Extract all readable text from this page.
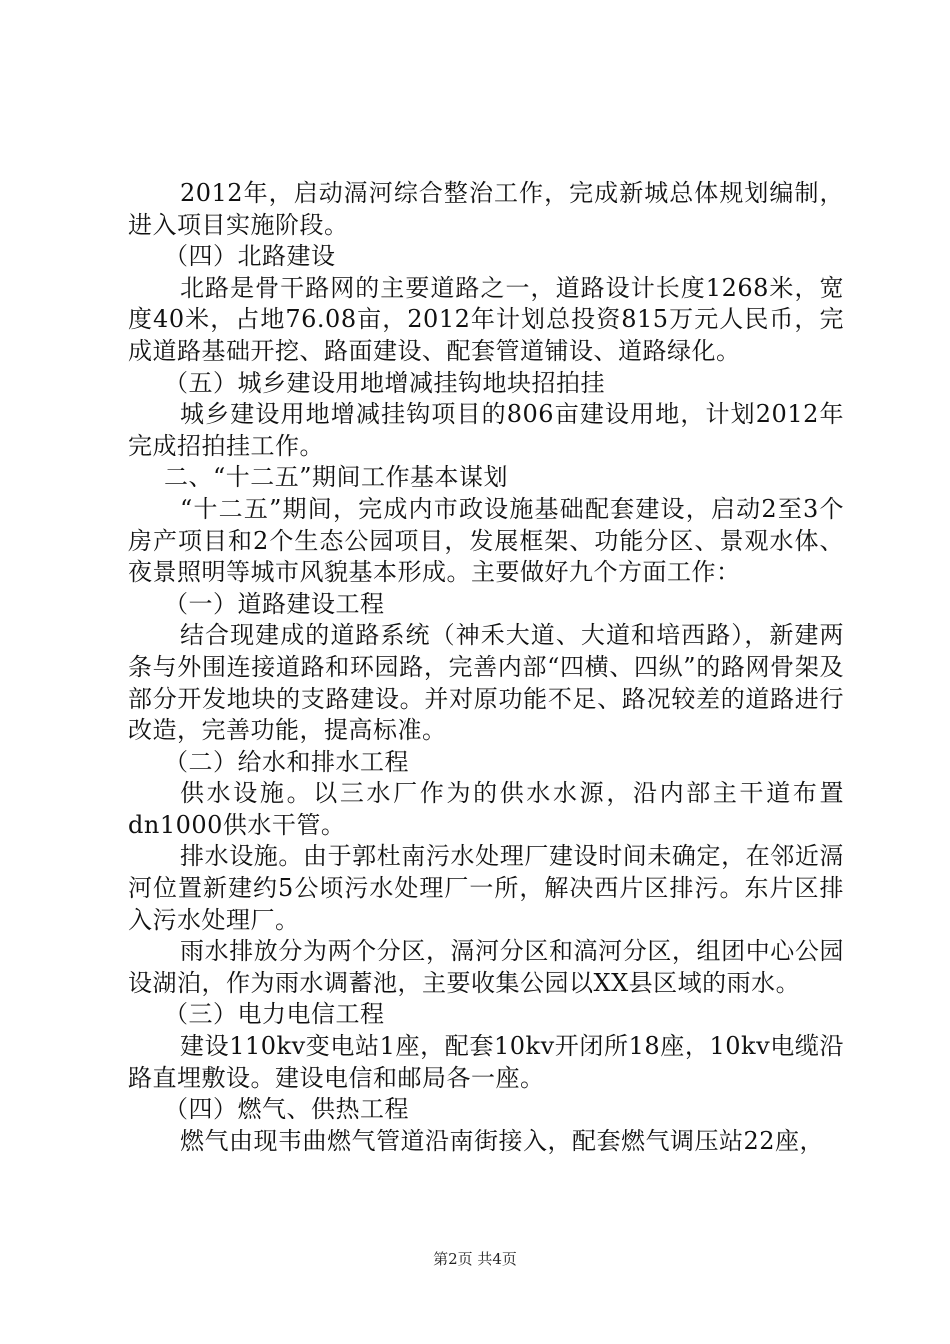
2012年，启动滆河综合整治工作，完成新城总体规划编制，进入项目实施阶段。

（四）北路建设

北路是骨干路网的主要道路之一，道路设计长度1268米，宽度40米，占地76.08亩，2012年计划总投资815万元人民币，完成道路基础开挖、路面建设、配套管道铺设、道路绿化。

（五）城乡建设用地增减挂钩地块招拍挂

城乡建设用地增减挂钩项目的806亩建设用地，计划2012年完成招拍挂工作。

二、“十二五”期间工作基本谋划

“十二五”期间，完成内市政设施基础配套建设，启动2至3个房产项目和2个生态公园项目，发展框架、功能分区、景观水体、夜景照明等城市风貌基本形成。主要做好九个方面工作：

（一）道路建设工程

结合现建成的道路系统（神禾大道、大道和培西路），新建两条与外围连接道路和环园路，完善内部“四横、四纵”的路网骨架及部分开发地块的支路建设。并对原功能不足、路况较差的道路进行改造，完善功能，提高标准。

（二）给水和排水工程

供水设施。以三水厂作为的供水水源，沿内部主干道布置dn1000供水干管。

排水设施。由于郭杜南污水处理厂建设时间未确定，在邻近滆河位置新建约5公顷污水处理厂一所，解决西片区排污。东片区排入污水处理厂。

雨水排放分为两个分区，滆河分区和滈河分区，组团中心公园设湖泊，作为雨水调蓄池，主要收集公园以XX县区域的雨水。

（三）电力电信工程

建设110kv变电站1座，配套10kv开闭所18座，10kv电缆沿路直埋敷设。建设电信和邮局各一座。

（四）燃气、供热工程

燃气由现韦曲燃气管道沿南街接入，配套燃气调压站22座，

第2页 共4页
